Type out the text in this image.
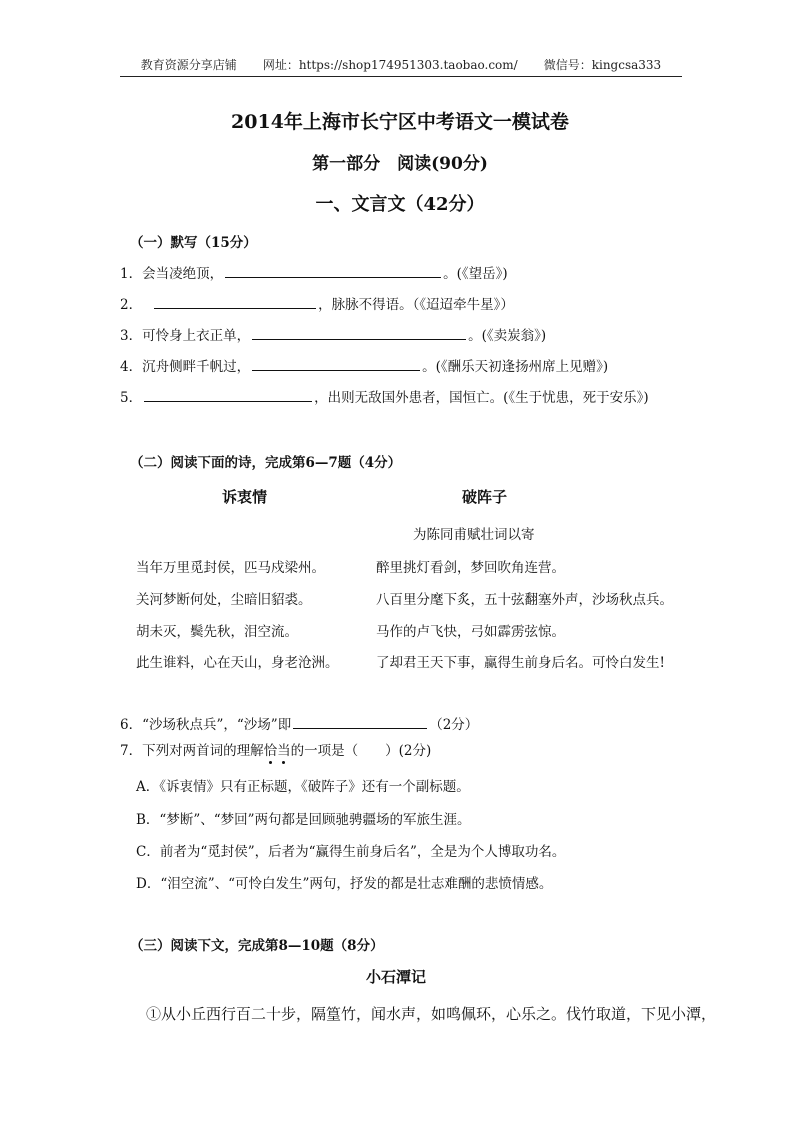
教育资源分享店铺 网址：https://shop174951303.taobao.com/ 微信号：kingcsa333
2014年上海市长宁区中考语文一模试卷
第一部分　阅读(90分)
一、文言文（42分）
（一）默写（15分）
1．会当凌绝顶，	。(《望岳》)
2．	，脉脉不得语。（《迢迢牵牛星》）
3．可怜身上衣正单，	。(《卖炭翁》)
4．沉舟侧畔千帆过，	。(《酬乐天初逢扬州席上见赠》)
5．	，出则无敌国外患者，国恒亡。(《生于忧患，死于安乐》)
（二）阅读下面的诗，完成第6—7题（4分）
诉衷情	破阵子
为陈同甫赋壮词以寄
当年万里觅封侯，匹马戍梁州。
关河梦断何处，尘暗旧貂裘。
胡未灭，鬓先秋，泪空流。
此生谁料，心在天山，身老沧洲。
醉里挑灯看剑，梦回吹角连营。
八百里分麾下炙，五十弦翻塞外声，沙场秋点兵。
马作的卢飞快，弓如霹雳弦惊。
了却君王天下事，赢得生前身后名。可怜白发生!
6．“沙场秋点兵”，“沙场”即	（2分）
7．下列对两首词的理解 恰 当 的一项是（　　）(2分)
A．《诉衷情》只有正标题，《破阵子》还有一个副标题。
B．“梦断”、“梦回”两句都是回顾驰骋疆场的军旅生涯。
C．前者为“觅封侯”，后者为“赢得生前身后名”，全是为个人博取功名。
D．“泪空流”、“可怜白发生”两句，抒发的都是壮志难酬的悲愤情感。
（三）阅读下文，完成第8—10题（8分）
小石潭记
①从小丘西行百二十步，隔篁竹，闻水声，如鸣佩环，心乐之。伐竹取道，下见小潭，
